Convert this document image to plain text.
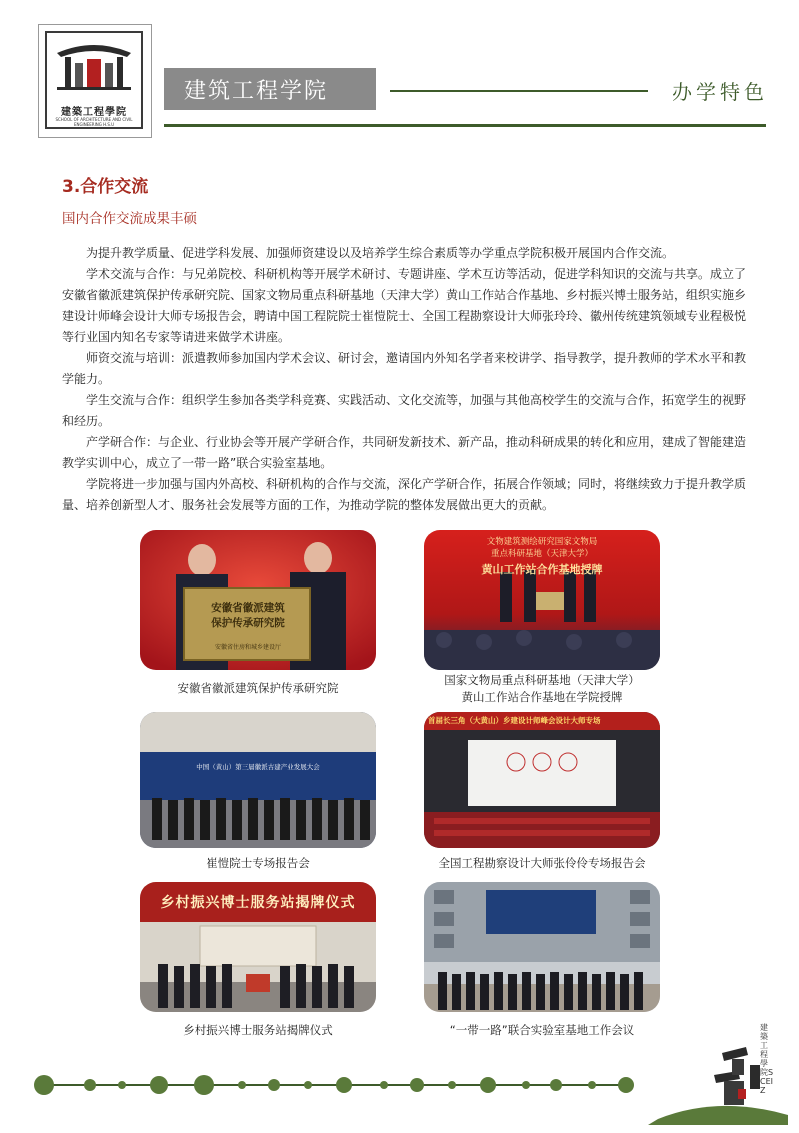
建築工程學院
SCHOOL OF ARCHITECTURE AND CIVIL ENGINEERING H.S.U
建筑工程学院	办学特色
3.合作交流
国内合作交流成果丰硕

为提升教学质量、促进学科发展、加强师资建设以及培养学生综合素质等办学重点学院积极开展国内合作交流。

学术交流与合作：与兄弟院校、科研机构等开展学术研讨、专题讲座、学术互访等活动，促进学科知识的交流与共享。成立了安徽省徽派建筑保护传承研究院、国家文物局重点科研基地（天津大学）黄山工作站合作基地、乡村振兴博士服务站，组织实施乡建设计师峰会设计大师专场报告会，聘请中国工程院院士崔愷院士、全国工程勘察设计大师张玲玲、徽州传统建筑领域专业程极悦等行业国内知名专家等请进来做学术讲座。

师资交流与培训：派遣教师参加国内学术会议、研讨会，邀请国内外知名学者来校讲学、指导教学，提升教师的学术水平和教学能力。

学生交流与合作：组织学生参加各类学科竞赛、实践活动、文化交流等，加强与其他高校学生的交流与合作，拓宽学生的视野和经历。

产学研合作：与企业、行业协会等开展产学研合作，共同研发新技术、新产品，推动科研成果的转化和应用，建成了智能建造教学实训中心，成立了一带一路”联合实验室基地。

学院将进一步加强与国内外高校、科研机构的合作与交流，深化产学研合作，拓展合作领域；同时，将继续致力于提升教学质量、培养创新型人才、服务社会发展等方面的工作，为推动学院的整体发展做出更大的贡献。

安徽省徽派建筑
保护传承研究院
安徽省住房和城乡建设厅
安徽省徽派建筑保护传承研究院
文物建筑测绘研究国家文物局
重点科研基地（天津大学）
黄山工作站合作基地授牌
国家文物局重点科研基地（天津大学）
黄山工作站合作基地在学院授牌
中国（黄山）第三届徽派古建产业发展大会
崔愷院士专场报告会
首届长三角（大黄山）乡建设计师峰会设计大师专场
全国工程勘察设计大师张伶伶专场报告会
乡村振兴博士服务站揭牌仪式
乡村振兴博士服务站揭牌仪式	“一带一路”联合实验室基地工作会议	建築工程學院SCEIZ
